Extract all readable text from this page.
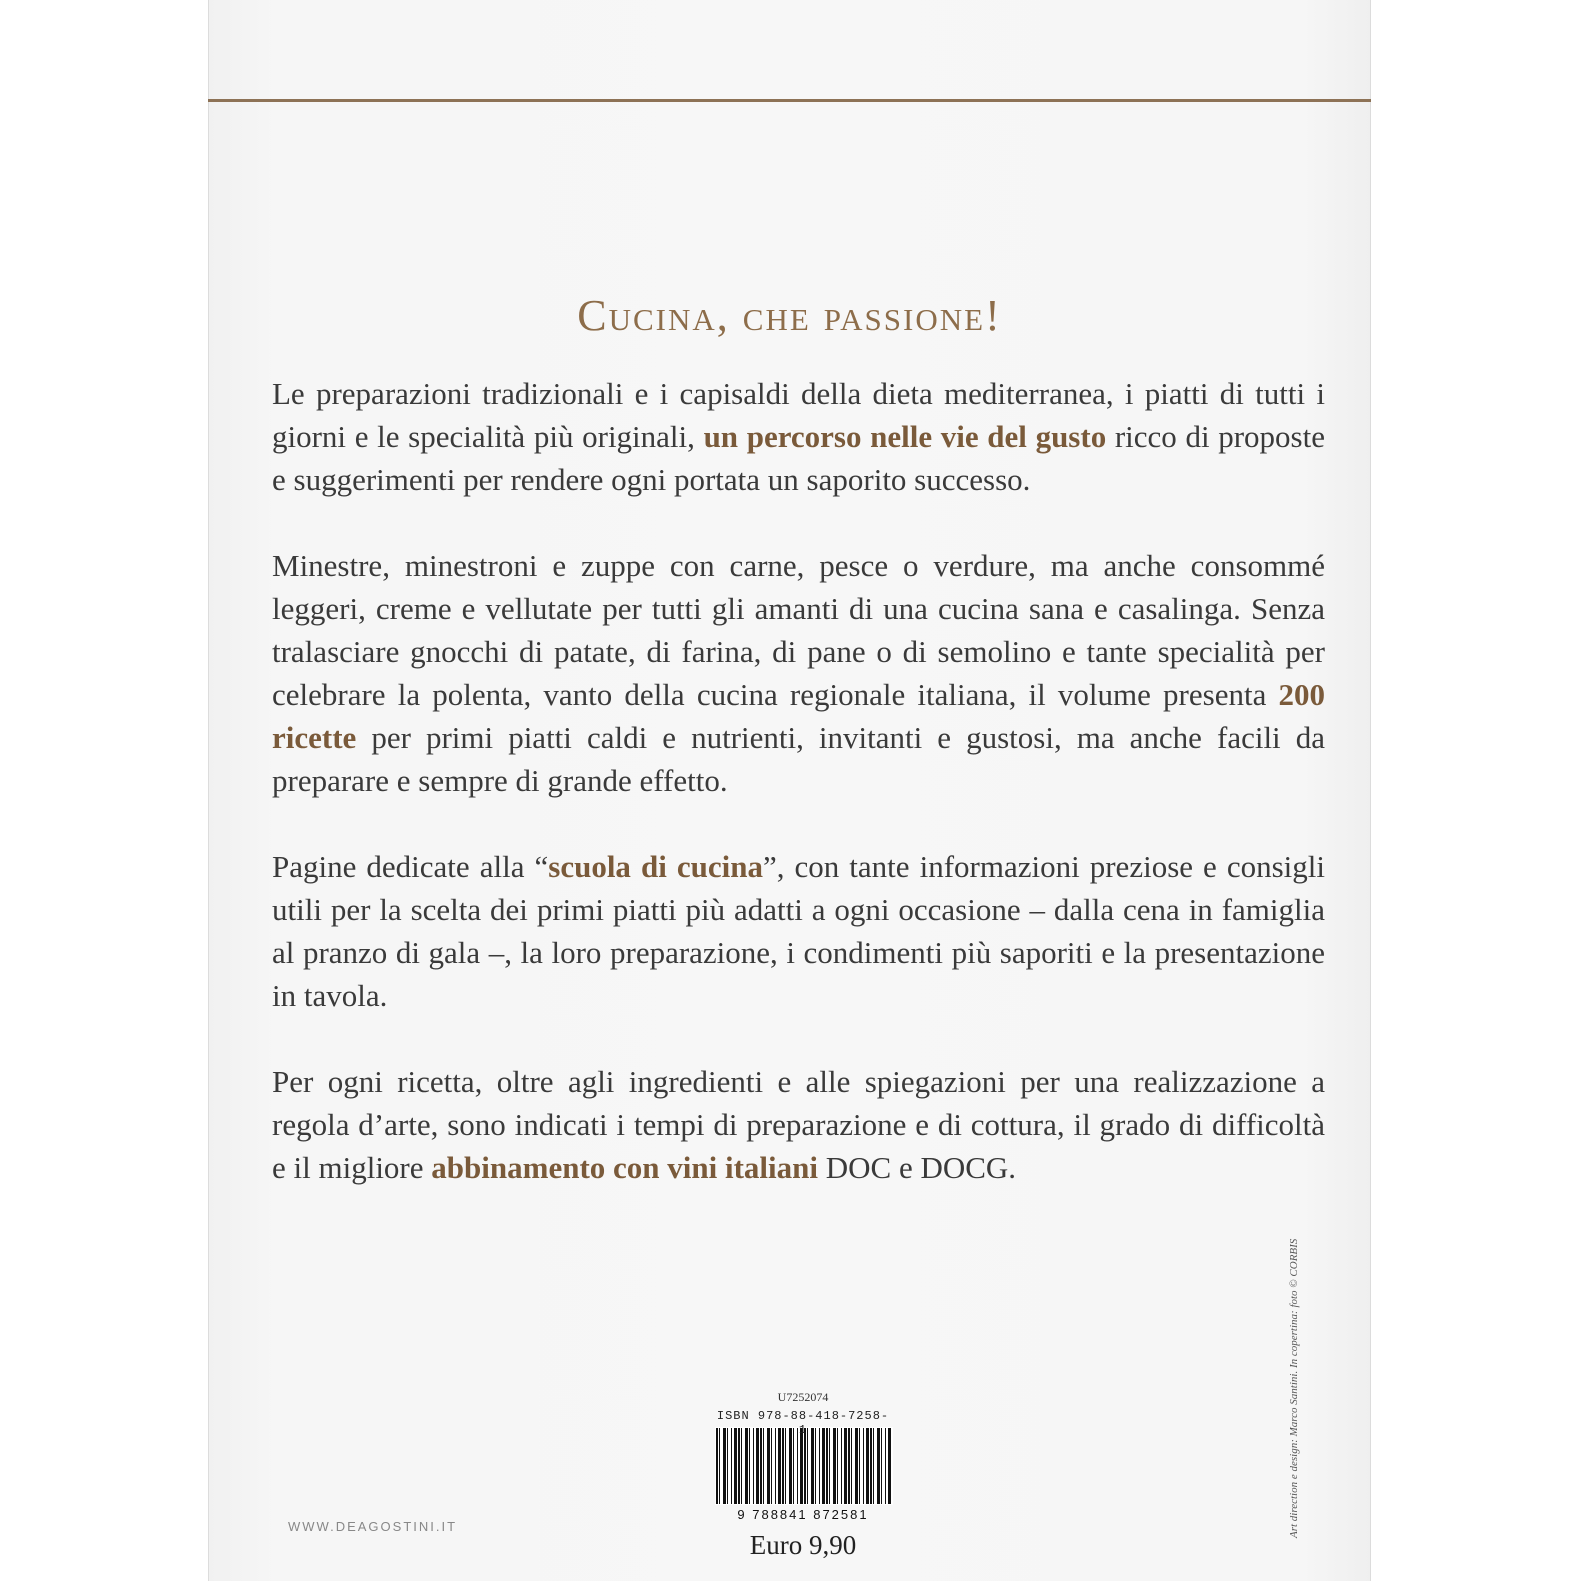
Cucina, che passione!

Le preparazioni tradizionali e i capisaldi della dieta mediterranea, i piatti di tutti i giorni e le specialità più originali, un percorso nelle vie del gusto ricco di proposte e suggerimenti per rendere ogni portata un saporito successo.

Minestre, minestroni e zuppe con carne, pesce o verdure, ma anche consommé leggeri, creme e vellutate per tutti gli amanti di una cucina sana e casalinga. Senza tralasciare gnocchi di patate, di farina, di pane o di semolino e tante specialità per celebrare la polenta, vanto della cucina regionale italiana, il volume presenta 200 ricette per primi piatti caldi e nutrienti, invitanti e gustosi, ma anche facili da preparare e sempre di grande effetto.

Pagine dedicate alla “scuola di cucina”, con tante informazioni preziose e consigli utili per la scelta dei primi piatti più adatti a ogni occasione – dalla cena in famiglia al pranzo di gala –, la loro preparazione, i condimenti più saporiti e la presentazione in tavola.

Per ogni ricetta, oltre agli ingredienti e alle spiegazioni per una realizzazione a regola d’arte, sono indicati i tempi di preparazione e di cottura, il grado di difficoltà e il migliore abbinamento con vini italiani DOC e DOCG.

Art direction e design: Marco Santini. In copertina: foto © CORBIS
U7252074
ISBN 978-88-418-7258-1
9 788841 872581
Euro 9,90
WWW.DEAGOSTINI.IT
